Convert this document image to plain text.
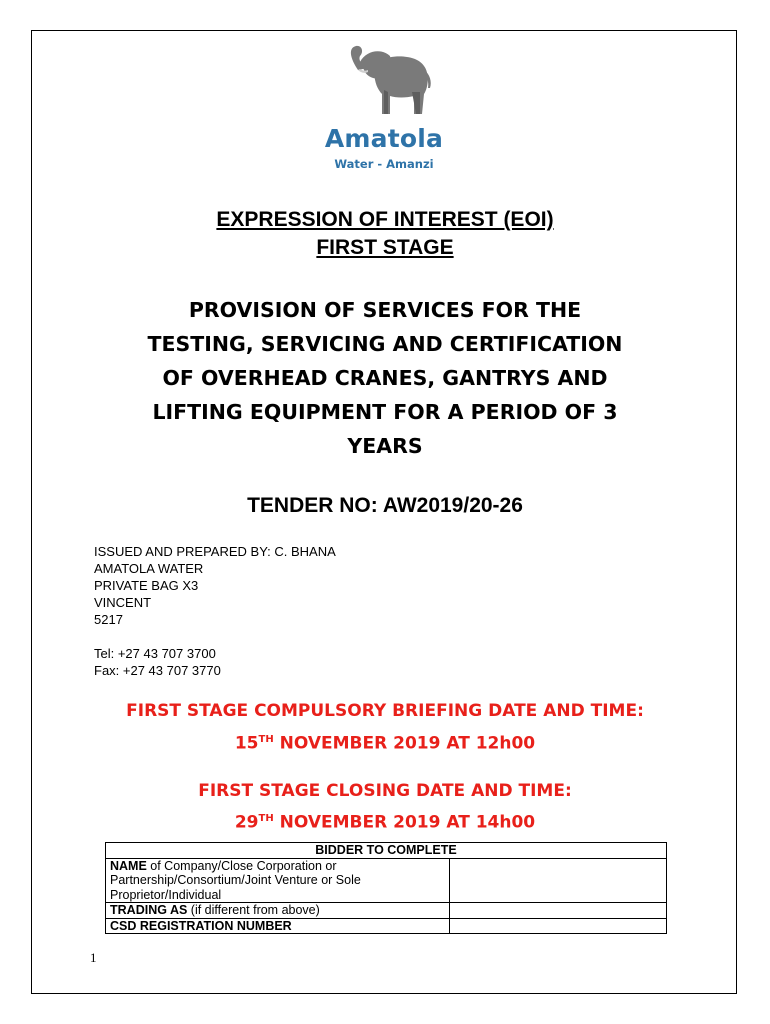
Amatola
Water - Amanzi
EXPRESSION OF INTEREST (EOI)
FIRST STAGE
PROVISION OF SERVICES FOR THE
TESTING, SERVICING AND CERTIFICATION
OF OVERHEAD CRANES, GANTRYS AND
LIFTING EQUIPMENT FOR A PERIOD OF 3
YEARS
TENDER NO: AW2019/20-26
ISSUED AND PREPARED BY: C. BHANA
AMATOLA WATER
PRIVATE BAG X3
VINCENT
5217
Tel: +27 43 707 3700
Fax: +27 43 707 3770
FIRST STAGE COMPULSORY BRIEFING DATE AND TIME:
15TH NOVEMBER 2019 AT 12h00
FIRST STAGE CLOSING DATE AND TIME:
29TH NOVEMBER 2019 AT 14h00
BIDDER TO COMPLETE	
NAME of Company/Close Corporation or Partnership/Consortium/Joint Venture or Sole Proprietor/Individual	
TRADING AS (if different from above)	
CSD REGISTRATION NUMBER	
1
